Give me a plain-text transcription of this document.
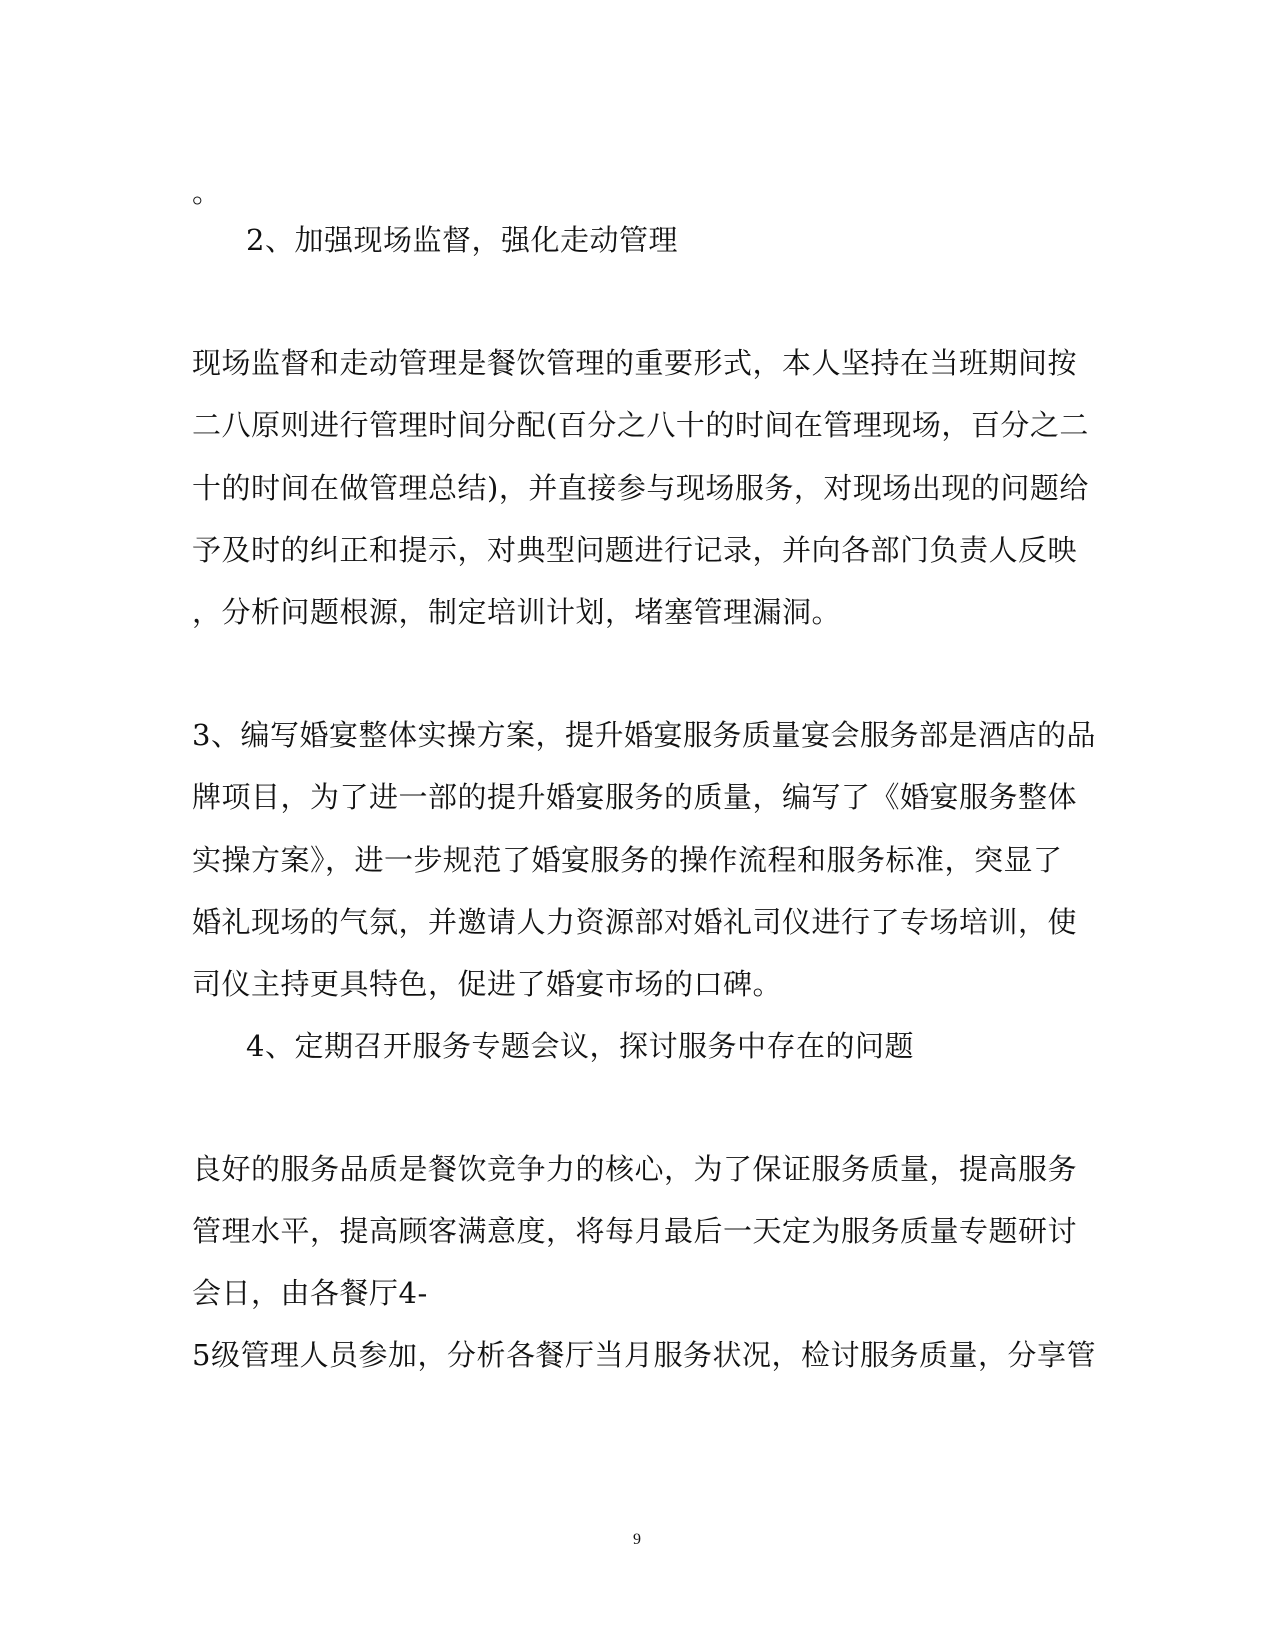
。
2、加强现场监督，强化走动管理
现场监督和走动管理是餐饮管理的重要形式，本人坚持在当班期间按
二八原则进行管理时间分配(百分之八十的时间在管理现场，百分之二
十的时间在做管理总结)，并直接参与现场服务，对现场出现的问题给
予及时的纠正和提示，对典型问题进行记录，并向各部门负责人反映
，分析问题根源，制定培训计划，堵塞管理漏洞。
3、编写婚宴整体实操方案，提升婚宴服务质量宴会服务部是酒店的品
牌项目，为了进一部的提升婚宴服务的质量，编写了《婚宴服务整体
实操方案》，进一步规范了婚宴服务的操作流程和服务标准，突显了
婚礼现场的气氛，并邀请人力资源部对婚礼司仪进行了专场培训，使
司仪主持更具特色，促进了婚宴市场的口碑。
4、定期召开服务专题会议，探讨服务中存在的问题
良好的服务品质是餐饮竞争力的核心，为了保证服务质量，提高服务
管理水平，提高顾客满意度，将每月最后一天定为服务质量专题研讨
会日，由各餐厅4-
5级管理人员参加，分析各餐厅当月服务状况，检讨服务质量，分享管
9
